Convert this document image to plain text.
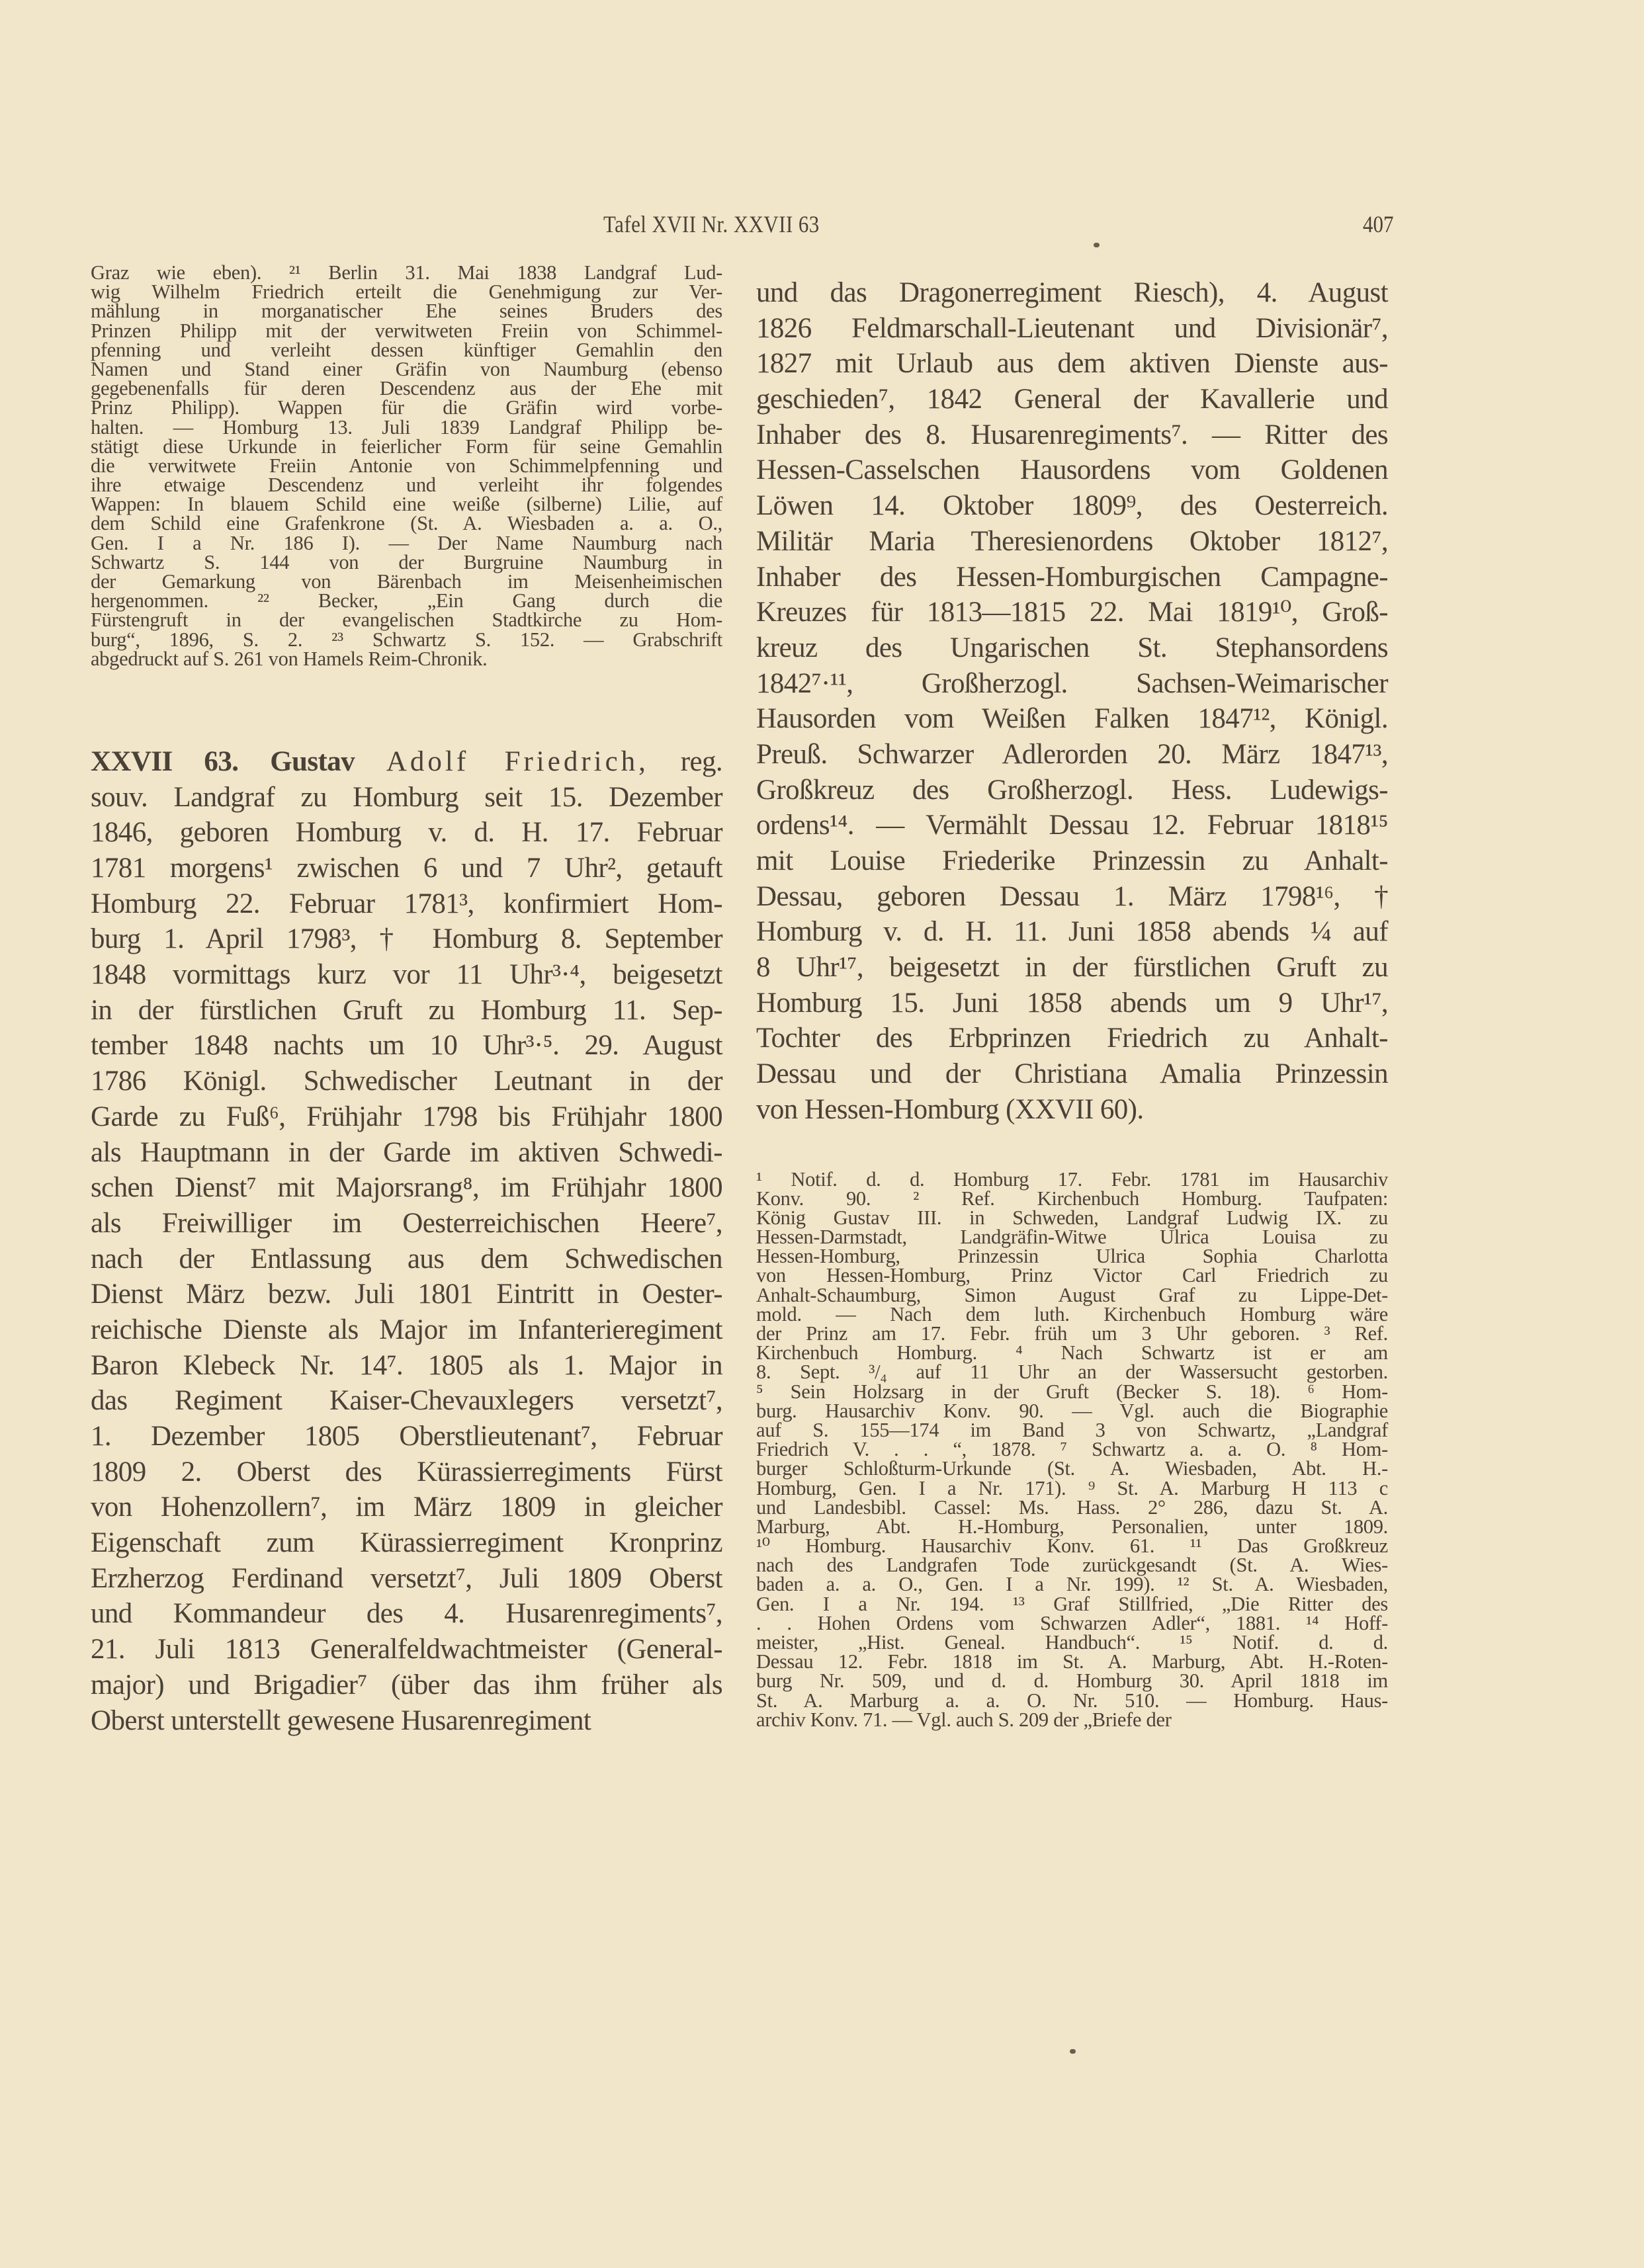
Tafel XVII Nr. XXVII 63	407
Graz wie eben). ²¹ Berlin 31. Mai 1838 Landgraf Lud-
wig Wilhelm Friedrich erteilt die Genehmigung zur Ver-
mählung in morganatischer Ehe seines Bruders des
Prinzen Philipp mit der verwitweten Freiin von Schimmel-
pfenning und verleiht dessen künftiger Gemahlin den
Namen und Stand einer Gräfin von Naumburg (ebenso
gegebenenfalls für deren Descendenz aus der Ehe mit
Prinz Philipp). Wappen für die Gräfin wird vorbe-
halten. — Homburg 13. Juli 1839 Landgraf Philipp be-
stätigt diese Urkunde in feierlicher Form für seine Gemahlin
die verwitwete Freiin Antonie von Schimmelpfenning und
ihre etwaige Descendenz und verleiht ihr folgendes
Wappen: In blauem Schild eine weiße (silberne) Lilie, auf
dem Schild eine Grafenkrone (St. A. Wiesbaden a. a. O.,
Gen. I a Nr. 186 I). — Der Name Naumburg nach
Schwartz S. 144 von der Burgruine Naumburg in
der Gemarkung von Bärenbach im Meisenheimischen
hergenommen. ²² Becker, „Ein Gang durch die
Fürstengruft in der evangelischen Stadtkirche zu Hom-
burg“, 1896, S. 2. ²³ Schwartz S. 152. — Grabschrift
abgedruckt auf S. 261 von Hamels Reim-Chronik.
XXVII 63. Gustav Adolf Friedrich, reg.
souv. Landgraf zu Homburg seit 15. Dezember
1846, geboren Homburg v. d. H. 17. Februar
1781 morgens¹ zwischen 6 und 7 Uhr², getauft
Homburg 22. Februar 1781³, konfirmiert Hom-
burg 1. April 1798³, † Homburg 8. September
1848 vormittags kurz vor 11 Uhr³·⁴, beigesetzt
in der fürstlichen Gruft zu Homburg 11. Sep-
tember 1848 nachts um 10 Uhr³·⁵. 29. August
1786 Königl. Schwedischer Leutnant in der
Garde zu Fuß⁶, Frühjahr 1798 bis Frühjahr 1800
als Hauptmann in der Garde im aktiven Schwedi-
schen Dienst⁷ mit Majorsrang⁸, im Frühjahr 1800
als Freiwilliger im Oesterreichischen Heere⁷,
nach der Entlassung aus dem Schwedischen
Dienst März bezw. Juli 1801 Eintritt in Oester-
reichische Dienste als Major im Infanterieregiment
Baron Klebeck Nr. 14⁷. 1805 als 1. Major in
das Regiment Kaiser-Chevauxlegers versetzt⁷,
1. Dezember 1805 Oberstlieutenant⁷, Februar
1809 2. Oberst des Kürassierregiments Fürst
von Hohenzollern⁷, im März 1809 in gleicher
Eigenschaft zum Kürassierregiment Kronprinz
Erzherzog Ferdinand versetzt⁷, Juli 1809 Oberst
und Kommandeur des 4. Husarenregiments⁷,
21. Juli 1813 Generalfeldwachtmeister (General-
major) und Brigadier⁷ (über das ihm früher als
Oberst unterstellt gewesene Husarenregiment
und das Dragonerregiment Riesch), 4. August
1826 Feldmarschall-Lieutenant und Divisionär⁷,
1827 mit Urlaub aus dem aktiven Dienste aus-
geschieden⁷, 1842 General der Kavallerie und
Inhaber des 8. Husarenregiments⁷. — Ritter des
Hessen-Casselschen Hausordens vom Goldenen
Löwen 14. Oktober 1809⁹, des Oesterreich.
Militär Maria Theresienordens Oktober 1812⁷,
Inhaber des Hessen-Homburgischen Campagne-
Kreuzes für 1813—1815 22. Mai 1819¹⁰, Groß-
kreuz des Ungarischen St. Stephansordens
1842⁷·¹¹, Großherzogl. Sachsen-Weimarischer
Hausorden vom Weißen Falken 1847¹², Königl.
Preuß. Schwarzer Adlerorden 20. März 1847¹³,
Großkreuz des Großherzogl. Hess. Ludewigs-
ordens¹⁴. — Vermählt Dessau 12. Februar 1818¹⁵
mit Louise Friederike Prinzessin zu Anhalt-
Dessau, geboren Dessau 1. März 1798¹⁶, †
Homburg v. d. H. 11. Juni 1858 abends ¼ auf
8 Uhr¹⁷, beigesetzt in der fürstlichen Gruft zu
Homburg 15. Juni 1858 abends um 9 Uhr¹⁷,
Tochter des Erbprinzen Friedrich zu Anhalt-
Dessau und der Christiana Amalia Prinzessin
von Hessen-Homburg (XXVII 60).
¹ Notif. d. d. Homburg 17. Febr. 1781 im Hausarchiv
Konv. 90. ² Ref. Kirchenbuch Homburg. Taufpaten:
König Gustav III. in Schweden, Landgraf Ludwig IX. zu
Hessen-Darmstadt, Landgräfin-Witwe Ulrica Louisa zu
Hessen-Homburg, Prinzessin Ulrica Sophia Charlotta
von Hessen-Homburg, Prinz Victor Carl Friedrich zu
Anhalt-Schaumburg, Simon August Graf zu Lippe-Det-
mold. — Nach dem luth. Kirchenbuch Homburg wäre
der Prinz am 17. Febr. früh um 3 Uhr geboren. ³ Ref.
Kirchenbuch Homburg. ⁴ Nach Schwartz ist er am
8. Sept. ³/₄ auf 11 Uhr an der Wassersucht gestorben.
⁵ Sein Holzsarg in der Gruft (Becker S. 18). ⁶ Hom-
burg. Hausarchiv Konv. 90. — Vgl. auch die Biographie
auf S. 155—174 im Band 3 von Schwartz, „Landgraf
Friedrich V. . . “, 1878. ⁷ Schwartz a. a. O. ⁸ Hom-
burger Schloßturm-Urkunde (St. A. Wiesbaden, Abt. H.-
Homburg, Gen. I a Nr. 171). ⁹ St. A. Marburg H 113 c
und Landesbibl. Cassel: Ms. Hass. 2° 286, dazu St. A.
Marburg, Abt. H.-Homburg, Personalien, unter 1809.
¹⁰ Homburg. Hausarchiv Konv. 61. ¹¹ Das Großkreuz
nach des Landgrafen Tode zurückgesandt (St. A. Wies-
baden a. a. O., Gen. I a Nr. 199). ¹² St. A. Wiesbaden,
Gen. I a Nr. 194. ¹³ Graf Stillfried, „Die Ritter des
. . Hohen Ordens vom Schwarzen Adler“, 1881. ¹⁴ Hoff-
meister, „Hist. Geneal. Handbuch“. ¹⁵ Notif. d. d.
Dessau 12. Febr. 1818 im St. A. Marburg, Abt. H.-Roten-
burg Nr. 509, und d. d. Homburg 30. April 1818 im
St. A. Marburg a. a. O. Nr. 510. — Homburg. Haus-
archiv Konv. 71. — Vgl. auch S. 209 der „Briefe der
